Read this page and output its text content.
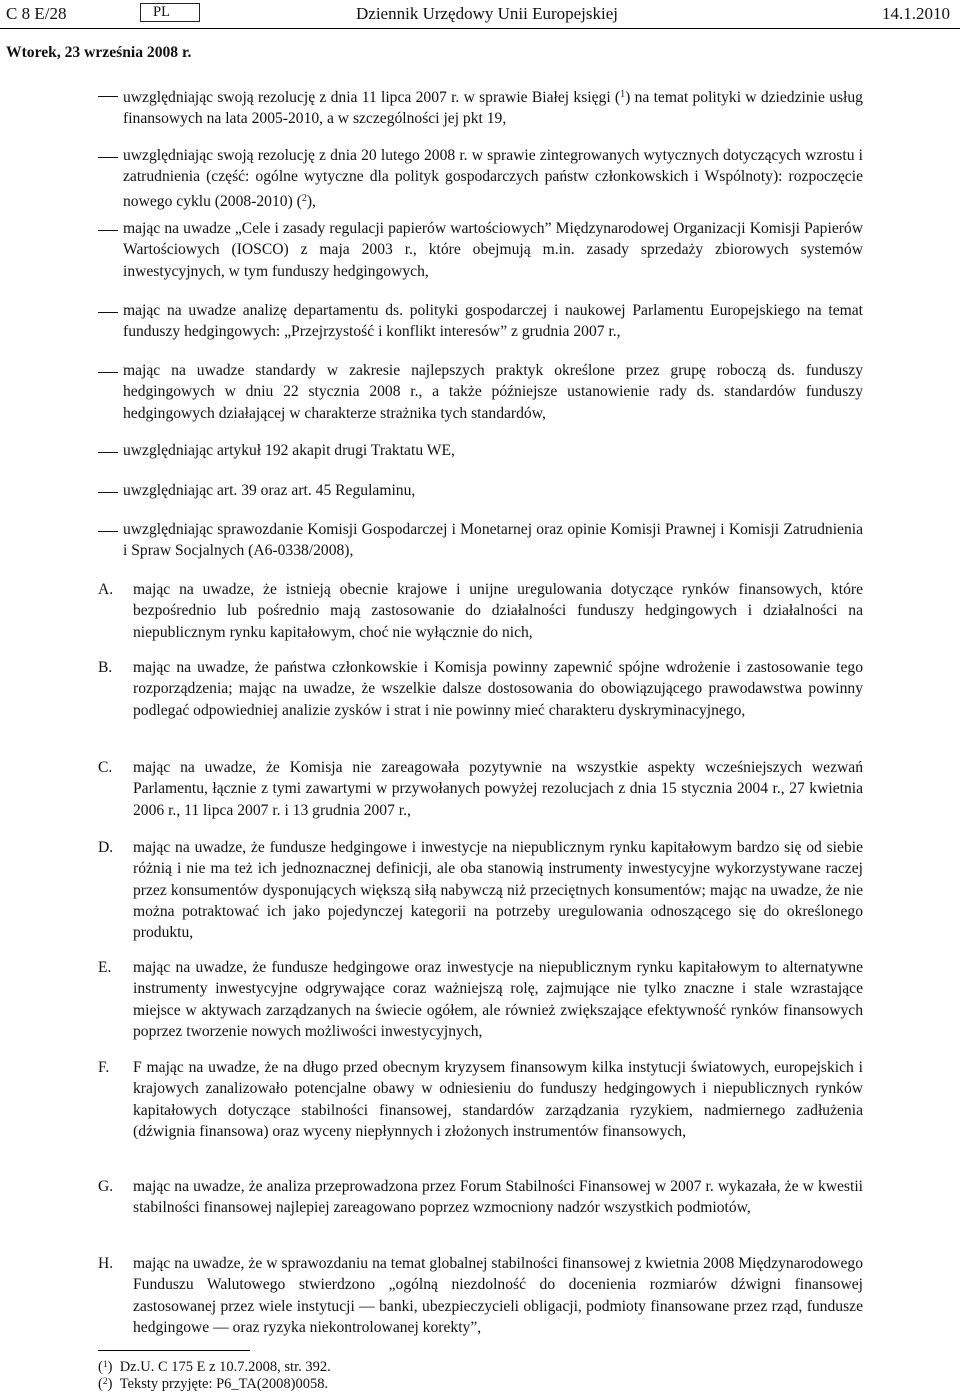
C 8 E/28	PL	Dziennik Urzędowy Unii Europejskiej	14.1.2010
Wtorek, 23 września 2008 r.
uwzględniając swoją rezolucję z dnia 11 lipca 2007 r. w sprawie Białej księgi ($^1$) na temat polityki w dziedzinie usług finansowych na lata 2005-2010, a w szczególności jej pkt 19,
uwzględniając swoją rezolucję z dnia 20 lutego 2008 r. w sprawie zintegrowanych wytycznych dotyczących wzrostu i zatrudnienia (część: ogólne wytyczne dla polityk gospodarczych państw członkowskich i Wspólnoty): rozpoczęcie nowego cyklu (2008-2010) ($^2$),
mając na uwadze „Cele i zasady regulacji papierów wartościowych” Międzynarodowej Organizacji Komisji Papierów Wartościowych (IOSCO) z maja 2003 r., które obejmują m.in. zasady sprzedaży zbiorowych systemów inwestycyjnych, w tym funduszy hedgingowych,
mając na uwadze analizę departamentu ds. polityki gospodarczej i naukowej Parlamentu Europejskiego na temat funduszy hedgingowych: „Przejrzystość i konflikt interesów” z grudnia 2007 r.,
mając na uwadze standardy w zakresie najlepszych praktyk określone przez grupę roboczą ds. funduszy hedgingowych w dniu 22 stycznia 2008 r., a także późniejsze ustanowienie rady ds. standardów funduszy hedgingowych działającej w charakterze strażnika tych standardów,
uwzględniając artykuł 192 akapit drugi Traktatu WE,
uwzględniając art. 39 oraz art. 45 Regulaminu,
uwzględniając sprawozdanie Komisji Gospodarczej i Monetarnej oraz opinie Komisji Prawnej i Komisji Zatrudnienia i Spraw Socjalnych (A6-0338/2008),
A. mając na uwadze, że istnieją obecnie krajowe i unijne uregulowania dotyczące rynków finansowych, które bezpośrednio lub pośrednio mają zastosowanie do działalności funduszy hedgingowych i działalności na niepublicznym rynku kapitałowym, choć nie wyłącznie do nich,
B. mając na uwadze, że państwa członkowskie i Komisja powinny zapewnić spójne wdrożenie i zastosowanie tego rozporządzenia; mając na uwadze, że wszelkie dalsze dostosowania do obowiązującego prawodawstwa powinny podlegać odpowiedniej analizie zysków i strat i nie powinny mieć charakteru dyskryminacyjnego,
C. mając na uwadze, że Komisja nie zareagowała pozytywnie na wszystkie aspekty wcześniejszych wezwań Parlamentu, łącznie z tymi zawartymi w przywołanych powyżej rezolucjach z dnia 15 stycznia 2004 r., 27 kwietnia 2006 r., 11 lipca 2007 r. i 13 grudnia 2007 r.,
D. mając na uwadze, że fundusze hedgingowe i inwestycje na niepublicznym rynku kapitałowym bardzo się od siebie różnią i nie ma też ich jednoznacznej definicji, ale oba stanowią instrumenty inwestycyjne wykorzystywane raczej przez konsumentów dysponujących większą siłą nabywczą niż przeciętnych konsumentów; mając na uwadze, że nie można potraktować ich jako pojedynczej kategorii na potrzeby uregulowania odnoszącego się do określonego produktu,
E. mając na uwadze, że fundusze hedgingowe oraz inwestycje na niepublicznym rynku kapitałowym to alternatywne instrumenty inwestycyjne odgrywające coraz ważniejszą rolę, zajmujące nie tylko znaczne i stale wzrastające miejsce w aktywach zarządzanych na świecie ogółem, ale również zwiększające efektywność rynków finansowych poprzez tworzenie nowych możliwości inwestycyjnych,
F. F mając na uwadze, że na długo przed obecnym kryzysem finansowym kilka instytucji światowych, europejskich i krajowych zanalizowało potencjalne obawy w odniesieniu do funduszy hedgingowych i niepublicznych rynków kapitałowych dotyczące stabilności finansowej, standardów zarządzania ryzykiem, nadmiernego zadłużenia (dźwignia finansowa) oraz wyceny niepłynnych i złożonych instrumentów finansowych,
G. mając na uwadze, że analiza przeprowadzona przez Forum Stabilności Finansowej w 2007 r. wykazała, że w kwestii stabilności finansowej najlepiej zareagowano poprzez wzmocniony nadzór wszystkich podmiotów,
H. mając na uwadze, że w sprawozdaniu na temat globalnej stabilności finansowej z kwietnia 2008 Międzynarodowego Funduszu Walutowego stwierdzono „ogólną niezdolność do docenienia rozmiarów dźwigni finansowej zastosowanej przez wiele instytucji — banki, ubezpieczycieli obligacji, podmioty finansowane przez rząd, fundusze hedgingowe — oraz ryzyka niekontrolowanej korekty”,
($^1$)  Dz.U. C 175 E z 10.7.2008, str. 392.
($^2$)  Teksty przyjęte: P6_TA(2008)0058.
